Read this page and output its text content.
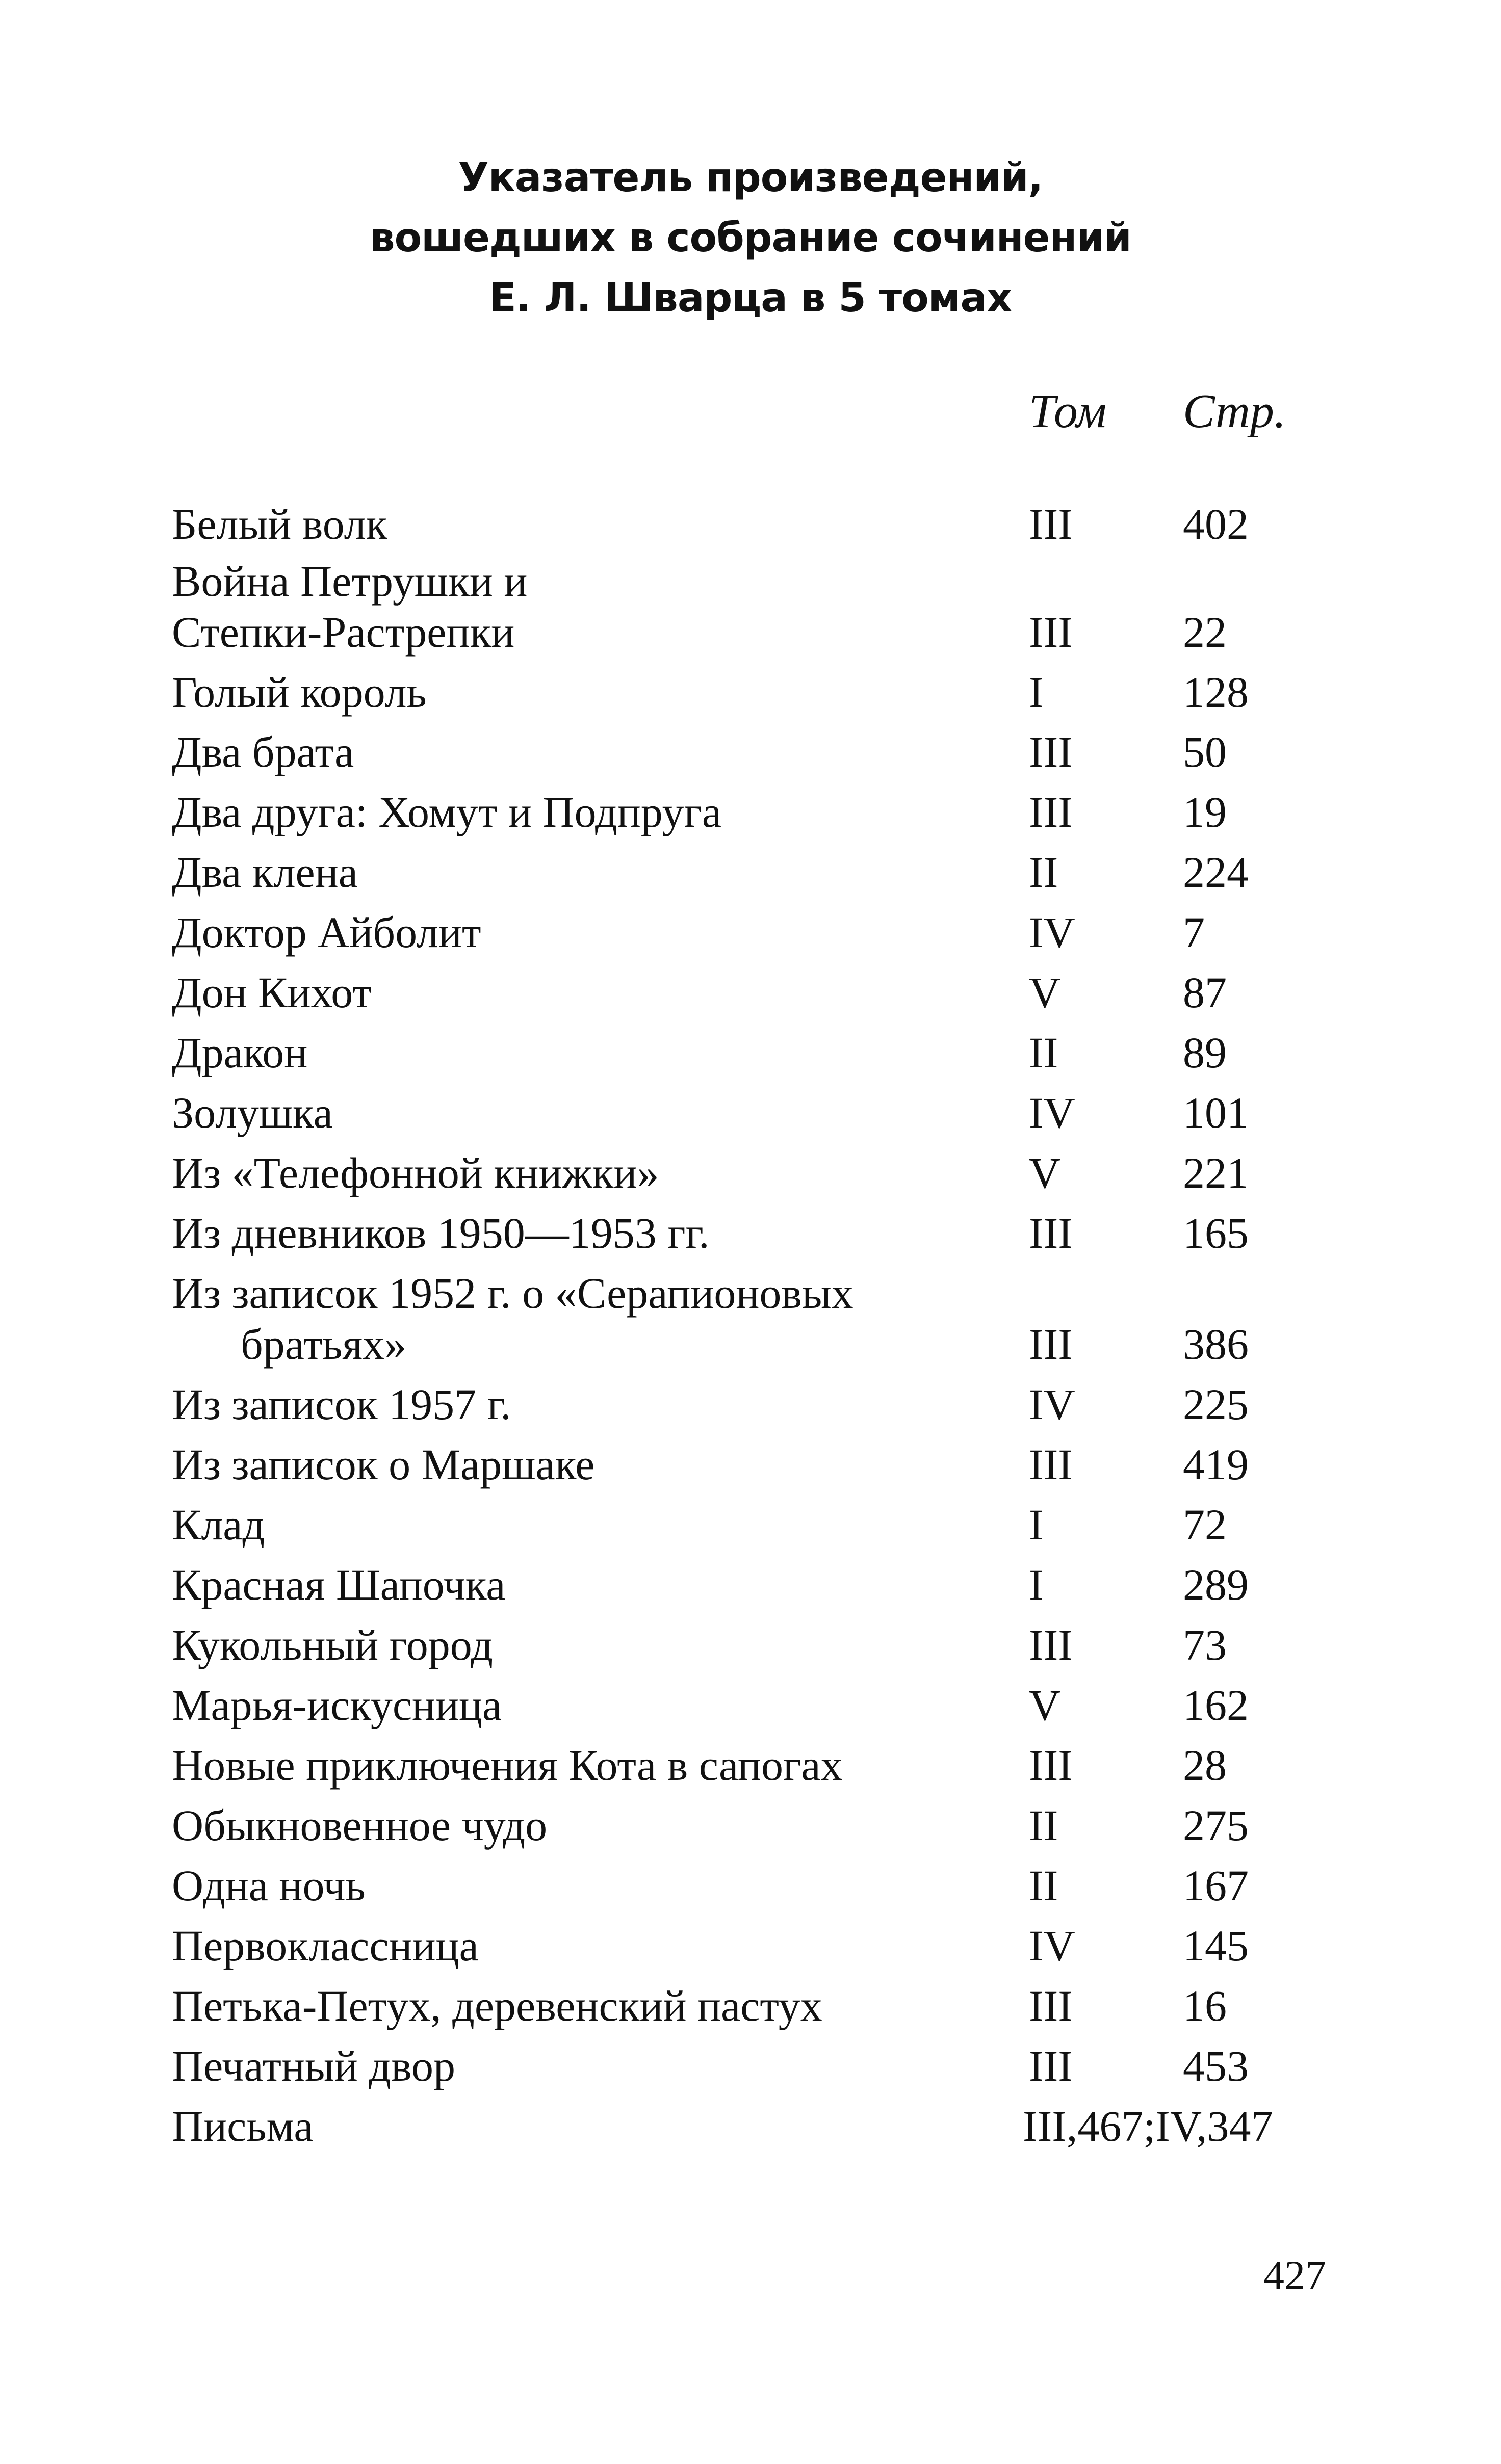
Указатель произведений,
вошедших в собрание сочинений
Е. Л. Шварца в 5 томах
Том Стр.
Белый волк	III	402
Война Петрушки и
Степки-Растрепки	III	22
Голый король	I	128
Два брата	III	50
Два друга: Хомут и Подпруга	III	19
Два клена	II	224
Доктор Айболит	IV 7
Дон Кихот	V	87
Дракон	II	89
Золушка	IV 101
Из «Телефонной книжки»	V	221
Из дневников 1950—1953 гг.	III	165
Из записок 1952 г. о «Серапионовых
братьях»	III	386
Из записок 1957 г.	IV 225
Из записок о Маршаке	III	419
Клад	I	72
Красная Шапочка	I	289
Кукольный город	III	73
Марья-искусница	V	162
Новые приключения Кота в сапогах	III	28
Обыкновенное чудо	II	275
Одна ночь	II	167
Первоклассница	IV 145
Петька-Петух, деревенский пастух	III	16
Печатный двор	III	453
Письма	III,467;IV,347
427
